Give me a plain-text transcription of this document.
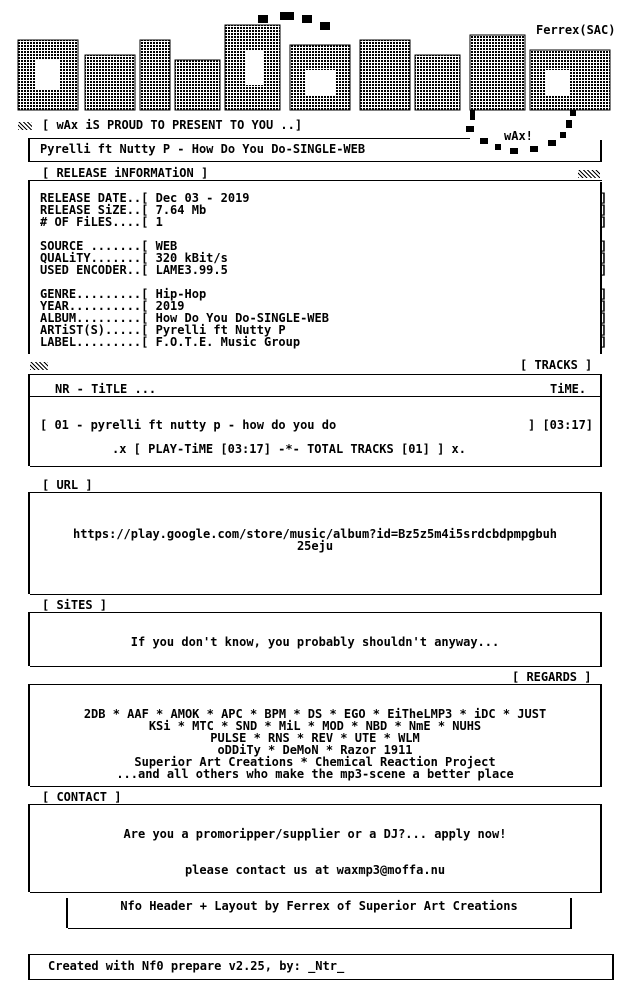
Ferrex(SAC)
[ wAx iS PROUD TO PRESENT TO YOU ..]
wAx!
Pyrelli ft Nutty P - How Do You Do-SINGLE-WEB
[ RELEASE iNFORMATiON ]
RELEASE DATE..[ Dec 03 - 2019
RELEASE SiZE..[ 7.64 Mb
# OF FiLES....[ 1
SOURCE .......[ WEB
QUALiTY.......[ 320 kBit/s
USED ENCODER..[ LAME3.99.5
GENRE.........[ Hip-Hop
YEAR..........[ 2019
ALBUM.........[ How Do You Do-SINGLE-WEB
ARTiST(S).....[ Pyrelli ft Nutty P
LABEL.........[ F.O.T.E. Music Group
]
]
]
]
]
]
]
]
]
]
]
[ TRACKS ]
NR - TiTLE ...	TiME.
[ 01 - pyrelli ft nutty p - how do you do	] [03:17]
.x [ PLAY-TiME [03:17] -*- TOTAL TRACKS [01] ] x.
[ URL ]
https://play.google.com/store/music/album?id=Bz5z5m4i5srdcbdpmpgbuh
25eju
[ SiTES ]
If you don't know, you probably shouldn't anyway...
[ REGARDS ]
2DB * AAF * AMOK * APC * BPM * DS * EGO * EiTheLMP3 * iDC * JUST
KSi * MTC * SND * MiL * MOD * NBD * NmE * NUHS
PULSE * RNS * REV * UTE * WLM
oDDiTy * DeMoN * Razor 1911
Superior Art Creations * Chemical Reaction Project
...and all others who make the mp3-scene a better place
[ CONTACT ]
Are you a promoripper/supplier or a DJ?... apply now!
please contact us at waxmp3@moffa.nu
Nfo Header + Layout by Ferrex of Superior Art Creations
Created with Nf0 prepare v2.25, by: _Ntr_
